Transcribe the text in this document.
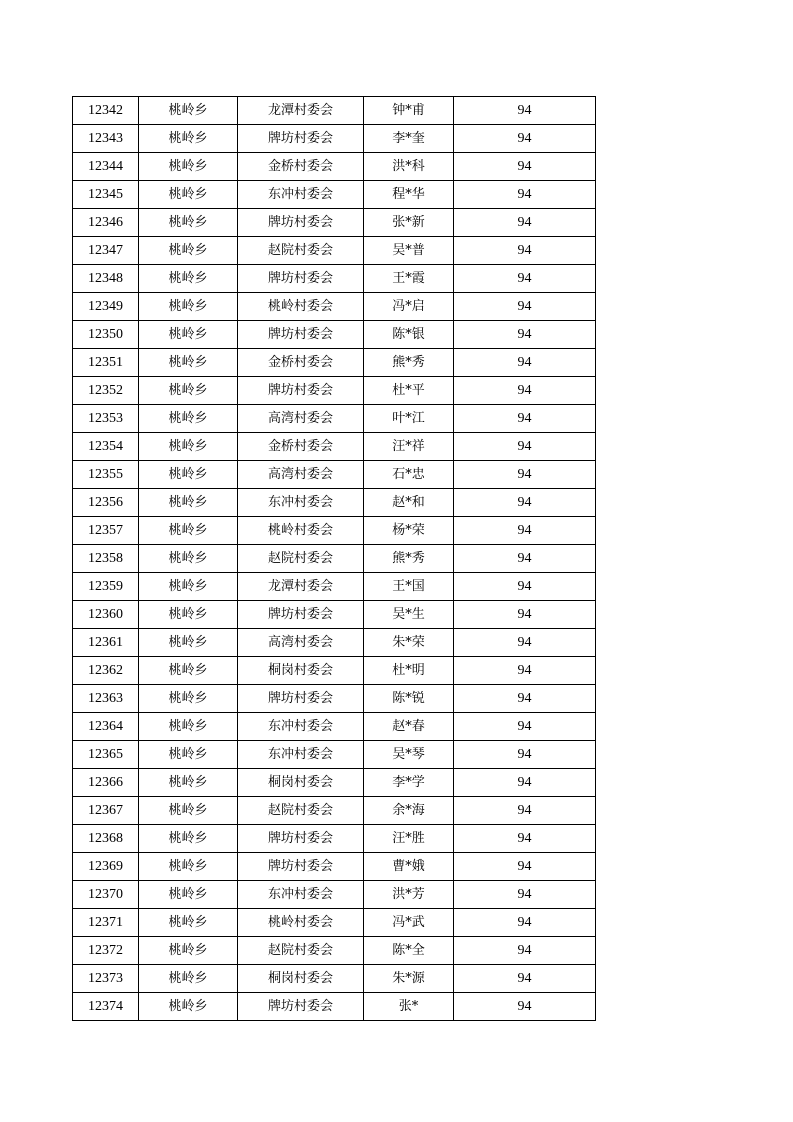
12342	桃岭乡	龙潭村委会	钟*甫	94
12343	桃岭乡	牌坊村委会	李*奎	94
12344	桃岭乡	金桥村委会	洪*科	94
12345	桃岭乡	东冲村委会	程*华	94
12346	桃岭乡	牌坊村委会	张*新	94
12347	桃岭乡	赵院村委会	吴*普	94
12348	桃岭乡	牌坊村委会	王*霞	94
12349	桃岭乡	桃岭村委会	冯*启	94
12350	桃岭乡	牌坊村委会	陈*银	94
12351	桃岭乡	金桥村委会	熊*秀	94
12352	桃岭乡	牌坊村委会	杜*平	94
12353	桃岭乡	高湾村委会	叶*江	94
12354	桃岭乡	金桥村委会	汪*祥	94
12355	桃岭乡	高湾村委会	石*忠	94
12356	桃岭乡	东冲村委会	赵*和	94
12357	桃岭乡	桃岭村委会	杨*荣	94
12358	桃岭乡	赵院村委会	熊*秀	94
12359	桃岭乡	龙潭村委会	王*国	94
12360	桃岭乡	牌坊村委会	吴*生	94
12361	桃岭乡	高湾村委会	朱*荣	94
12362	桃岭乡	桐岗村委会	杜*明	94
12363	桃岭乡	牌坊村委会	陈*锐	94
12364	桃岭乡	东冲村委会	赵*春	94
12365	桃岭乡	东冲村委会	吴*琴	94
12366	桃岭乡	桐岗村委会	李*学	94
12367	桃岭乡	赵院村委会	余*海	94
12368	桃岭乡	牌坊村委会	汪*胜	94
12369	桃岭乡	牌坊村委会	曹*娥	94
12370	桃岭乡	东冲村委会	洪*芳	94
12371	桃岭乡	桃岭村委会	冯*武	94
12372	桃岭乡	赵院村委会	陈*全	94
12373	桃岭乡	桐岗村委会	朱*源	94
12374	桃岭乡	牌坊村委会	张*	94
